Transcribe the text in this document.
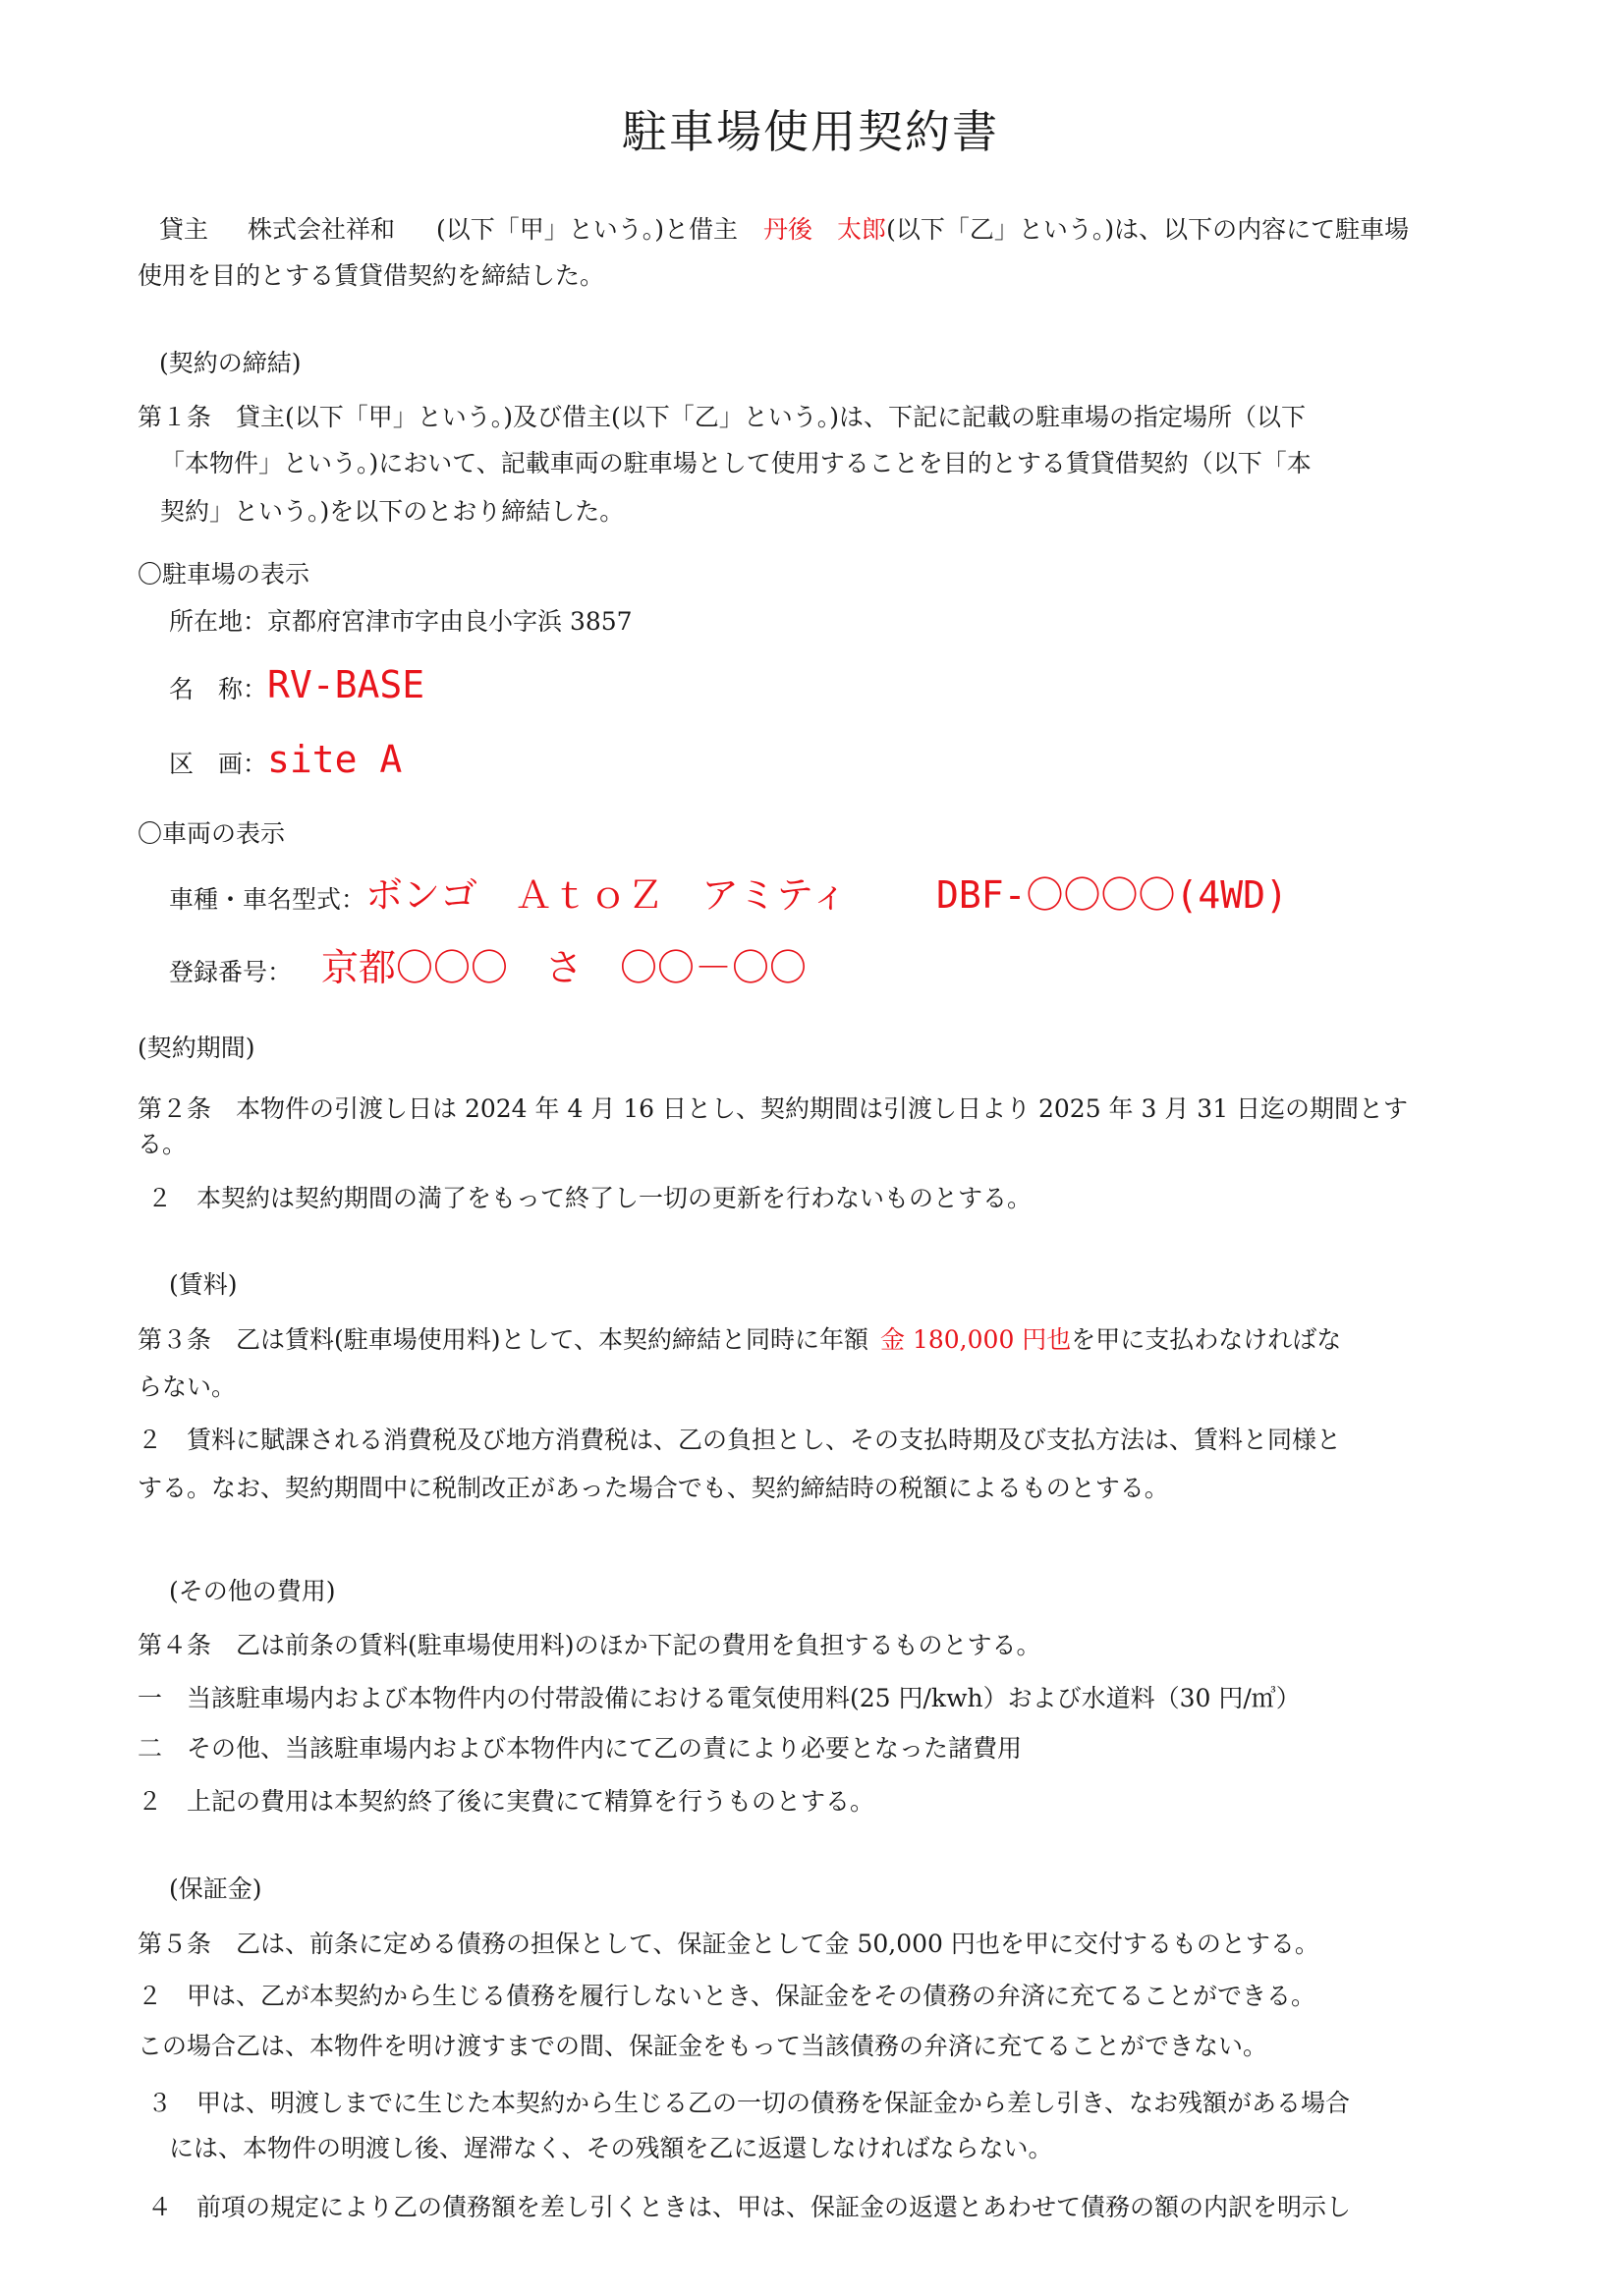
駐車場使用契約書
貸主 株式会社祥和 (以下「甲」という。)と借主 丹後　太郎(以下「乙」という。)は、以下の内容にて駐車場
使用を目的とする賃貸借契約を締結した。
(契約の締結)
第１条　貸主(以下「甲」という。)及び借主(以下「乙」という。)は、下記に記載の駐車場の指定場所（以下
「本物件」という。)において、記載車両の駐車場として使用することを目的とする賃貸借契約（以下「本
契約」という。)を以下のとおり締結した。
〇駐車場の表示
所在地：京都府宮津市字由良小字浜 3857
名　称：RV-BASE
区　画：site A
〇車両の表示
車種・車名型式：ボンゴ　ＡｔｏＺ　アミティ DBF-〇〇〇〇(4WD)
登録番号： 京都〇〇〇　さ　〇〇－〇〇
(契約期間)
第２条　本物件の引渡し日は 2024 年 4 月 16 日とし、契約期間は引渡し日より 2025 年 3 月 31 日迄の期間とす
る。
２　本契約は契約期間の満了をもって終了し一切の更新を行わないものとする。
(賃料)
第３条　乙は賃料(駐車場使用料)として、本契約締結と同時に年額 金 180,000 円也を甲に支払わなければな
らない。
２　賃料に賦課される消費税及び地方消費税は、乙の負担とし、その支払時期及び支払方法は、賃料と同様と
する。なお、契約期間中に税制改正があった場合でも、契約締結時の税額によるものとする。
(その他の費用)
第４条　乙は前条の賃料(駐車場使用料)のほか下記の費用を負担するものとする。
一　当該駐車場内および本物件内の付帯設備における電気使用料(25 円/kwh）および水道料（30 円/㎥）
二　その他、当該駐車場内および本物件内にて乙の責により必要となった諸費用
２　上記の費用は本契約終了後に実費にて精算を行うものとする。
(保証金)
第５条　乙は、前条に定める債務の担保として、保証金として金 50,000 円也を甲に交付するものとする。
２　甲は、乙が本契約から生じる債務を履行しないとき、保証金をその債務の弁済に充てることができる。
この場合乙は、本物件を明け渡すまでの間、保証金をもって当該債務の弁済に充てることができない。
３　甲は、明渡しまでに生じた本契約から生じる乙の一切の債務を保証金から差し引き、なお残額がある場合
には、本物件の明渡し後、遅滞なく、その残額を乙に返還しなければならない。
４　前項の規定により乙の債務額を差し引くときは、甲は、保証金の返還とあわせて債務の額の内訳を明示し
